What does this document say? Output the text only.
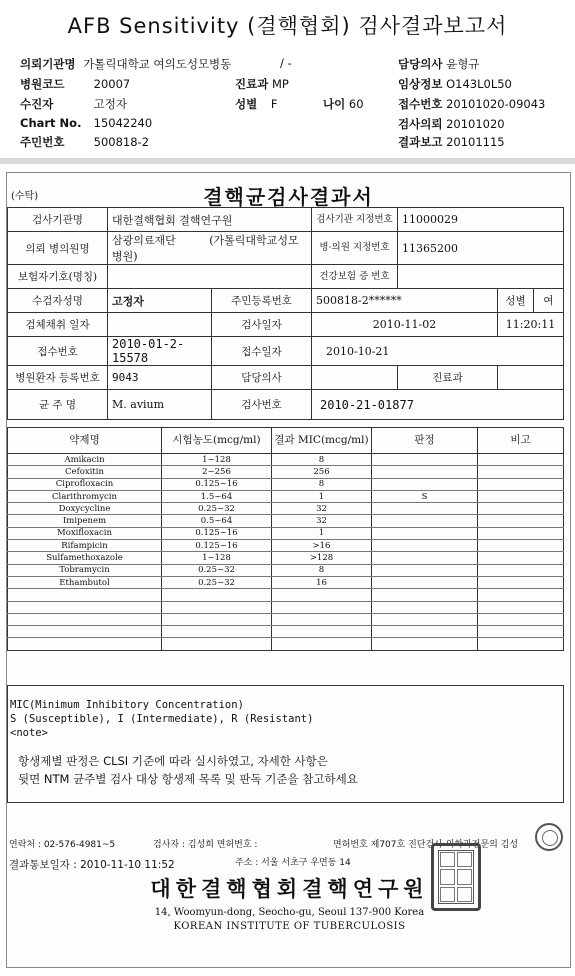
AFB Sensitivity (결핵협회) 검사결과보고서
의뢰기관명 가톨릭대학교 여의도성모병동	/ -	담당의사 윤형규
병원코드	20007	진료과 MP	임상정보 O143L0L50
수진자	고정자	성별 F	나이 60	접수번호 20101020-09043
Chart No. 15042240	검사의뢰 20101020
주민번호	500818-2	결과보고 20101115
(수탁)	결핵균검사결과서
검사기관명	대한결핵협회 결핵연구원		검사기관 지정번호	11000029		
의뢰 병의원명	삼광의료재단 (가톨릭대학교성모병원)		병·의원 지정번호	11365200		
보험자기호(명칭)			건강보험 증 번호			
수검자성명	고정자	주민등록번호	500818-2******		성별	여
검체채취 일자		검사일자	2010-11-02		11:20:11	
접수번호	2010-01-2-15578	접수일자	2010-10-21			
병원환자 등록번호	9043	담당의사		진료과		
균 주 명	M. avium	검사번호	2010-21-01877			
약제명	시험농도(mcg/ml)	결과 MIC(mcg/ml)	판정	비고
Amikacin	1~128	8		
Cefoxitin	2~256	256		
Ciprofloxacin	0.125~16	8		
Clarithromycin	1.5~64	1	S	
Doxycycline	0.25~32	32		
Imipenem	0.5~64	32		
Moxifloxacin	0.125~16	1		
Rifampicin	0.125~16	>16		
Sulfamethoxazole	1~128	>128		
Tobramycin	0.25~32	8		
Ethambutol	0.25~32	16		

MIC(Minimum Inhibitory Concentration)
S (Susceptible), I (Intermediate), R (Resistant)
<note>
항생제별 판정은 CLSI 기준에 따라 실시하였고, 자세한 사항은
뒷면 NTM 균주별 검사 대상 항생제 목록 및 판독 기준을 참고하세요
연락처 : 02-576-4981~5	검사자 : 김성희 면허번호 :	면허번호 제707호 진단검사 의학과전문의 김성
결과통보일자 : 2010-11-10 11:52	주소 : 서울 서초구 우면동 14
대한결핵협회결핵연구원
14, Woomyun-dong, Seocho-gu, Seoul 137-900 Korea
KOREAN INSTITUTE OF TUBERCULOSIS
